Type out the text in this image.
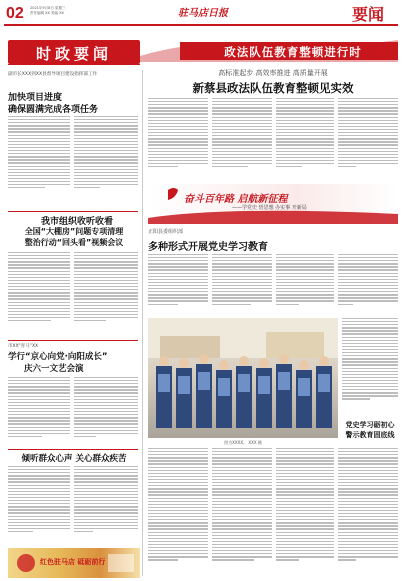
02 2021年9月8日 星期三
责任编辑 XX 美编 XX	驻马店日报	要闻
时政要闻	政法队伍教育整顿进行时
副市长XXX到XX县督导项目建设指挥部工作
加快项目进度
确保圆满完成各项任务
我市组织收听收看
全国“大棚房”问题专项清理
整治行动“回头看”视频会议
市XX“青马”XX
学行“京心向党·向阳成长”
庆六一文艺会演
倾听群众心声 关心群众疾苦
红色驻马店 砥砺前行
高标准起步 高效率推进 高质量开展
新蔡县政法队伍教育整顿见实效
奋斗百年路 启航新征程
——学党史 悟思想 办实事 开新局
正阳县委组织部
多种形式开展党史学习教育
党史学习砺初心
警示教育固底线
图为XXXX。 XXX 摄
